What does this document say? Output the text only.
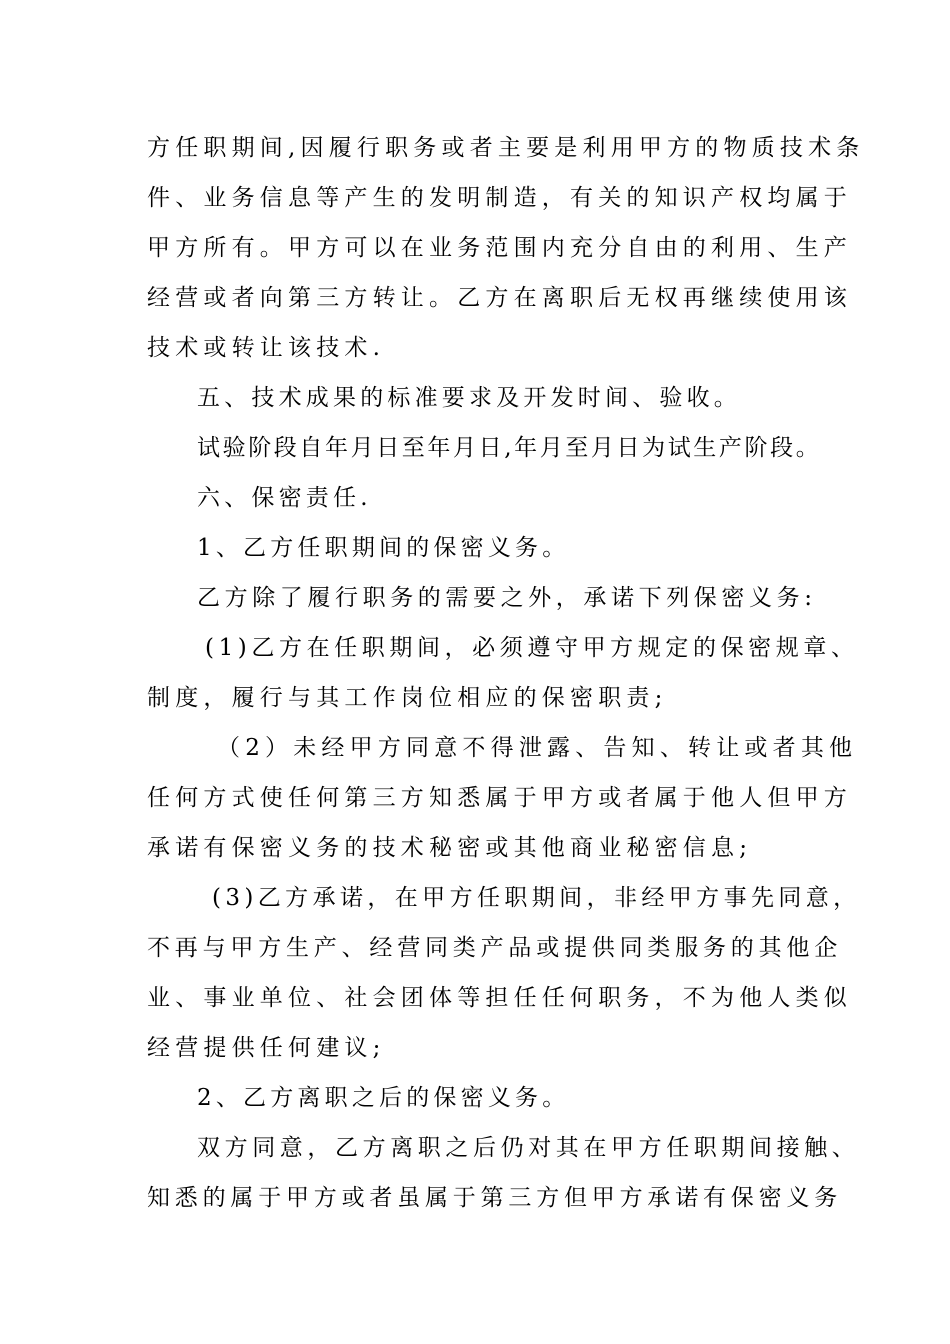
方任职期间,因履行职务或者主要是利用甲方的物质技术条

件、业务信息等产生的发明制造，有关的知识产权均属于

甲方所有。甲方可以在业务范围内充分自由的利用、生产

经营或者向第三方转让。乙方在离职后无权再继续使用该

技术或转让该技术.

五、技术成果的标准要求及开发时间、验收。

试验阶段自年月日至年月日,年月至月日为试生产阶段。

六、保密责任.

1、乙方任职期间的保密义务。

乙方除了履行职务的需要之外，承诺下列保密义务:

(1)乙方在任职期间，必须遵守甲方规定的保密规章、

制度，履行与其工作岗位相应的保密职责;

（2）未经甲方同意不得泄露、告知、转让或者其他

任何方式使任何第三方知悉属于甲方或者属于他人但甲方

承诺有保密义务的技术秘密或其他商业秘密信息;

(3)乙方承诺，在甲方任职期间，非经甲方事先同意，

不再与甲方生产、经营同类产品或提供同类服务的其他企

业、事业单位、社会团体等担任任何职务，不为他人类似

经营提供任何建议;

2、乙方离职之后的保密义务。

双方同意，乙方离职之后仍对其在甲方任职期间接触、

知悉的属于甲方或者虽属于第三方但甲方承诺有保密义务
